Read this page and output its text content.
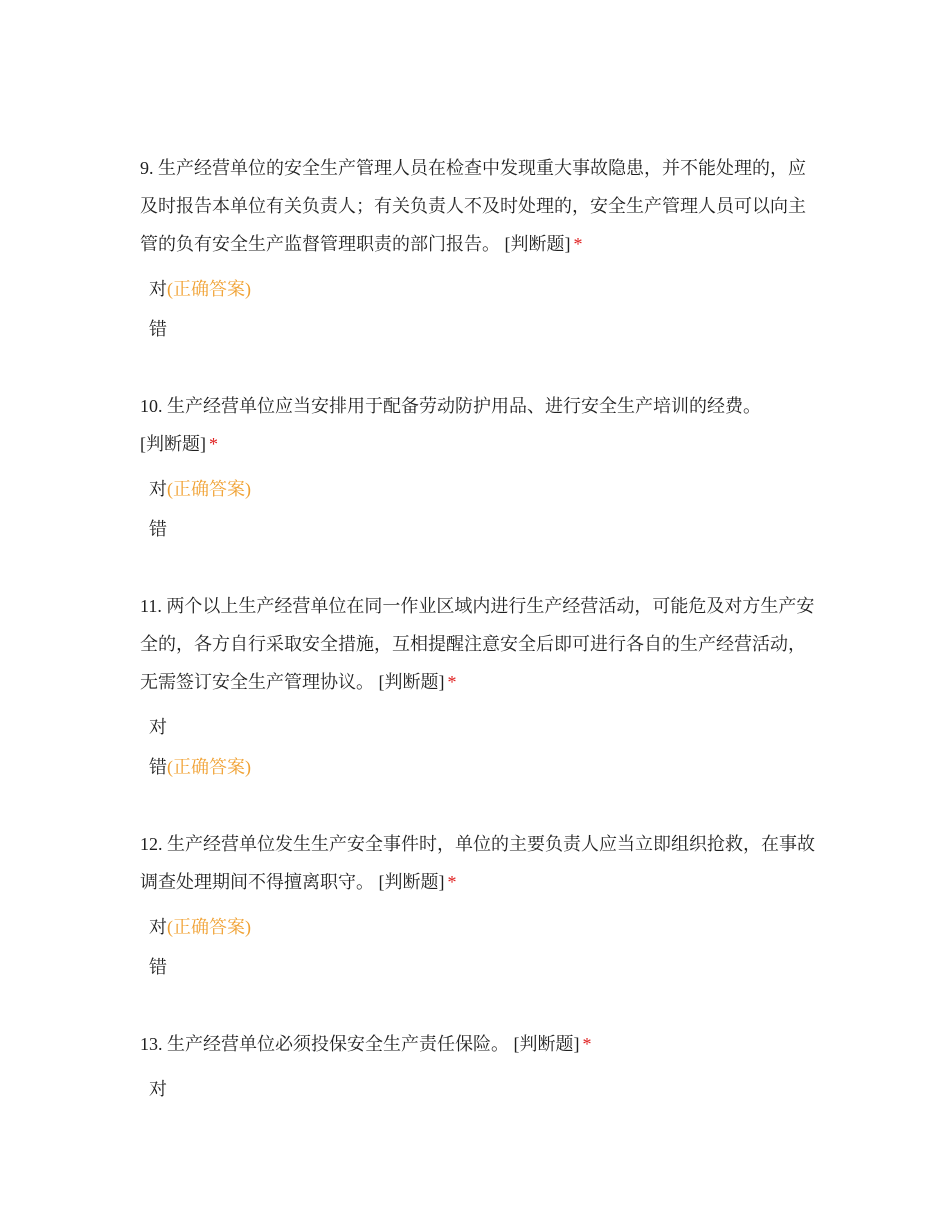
9. 生产经营单位的安全生产管理人员在检查中发现重大事故隐患，并不能处理的，应及时报告本单位有关负责人；有关负责人不及时处理的，安全生产管理人员可以向主管的负有安全生产监督管理职责的部门报告。 [判断题] *

对(正确答案)
错

10. 生产经营单位应当安排用于配备劳动防护用品、进行安全生产培训的经费。
[判断题] *

对(正确答案)
错

11. 两个以上生产经营单位在同一作业区域内进行生产经营活动，可能危及对方生产安全的，各方自行采取安全措施，互相提醒注意安全后即可进行各自的生产经营活动，无需签订安全生产管理协议。 [判断题] *

对
错(正确答案)

12. 生产经营单位发生生产安全事件时，单位的主要负责人应当立即组织抢救，在事故调查处理期间不得擅离职守。 [判断题] *

对(正确答案)
错

13. 生产经营单位必须投保安全生产责任保险。 [判断题] *

对
